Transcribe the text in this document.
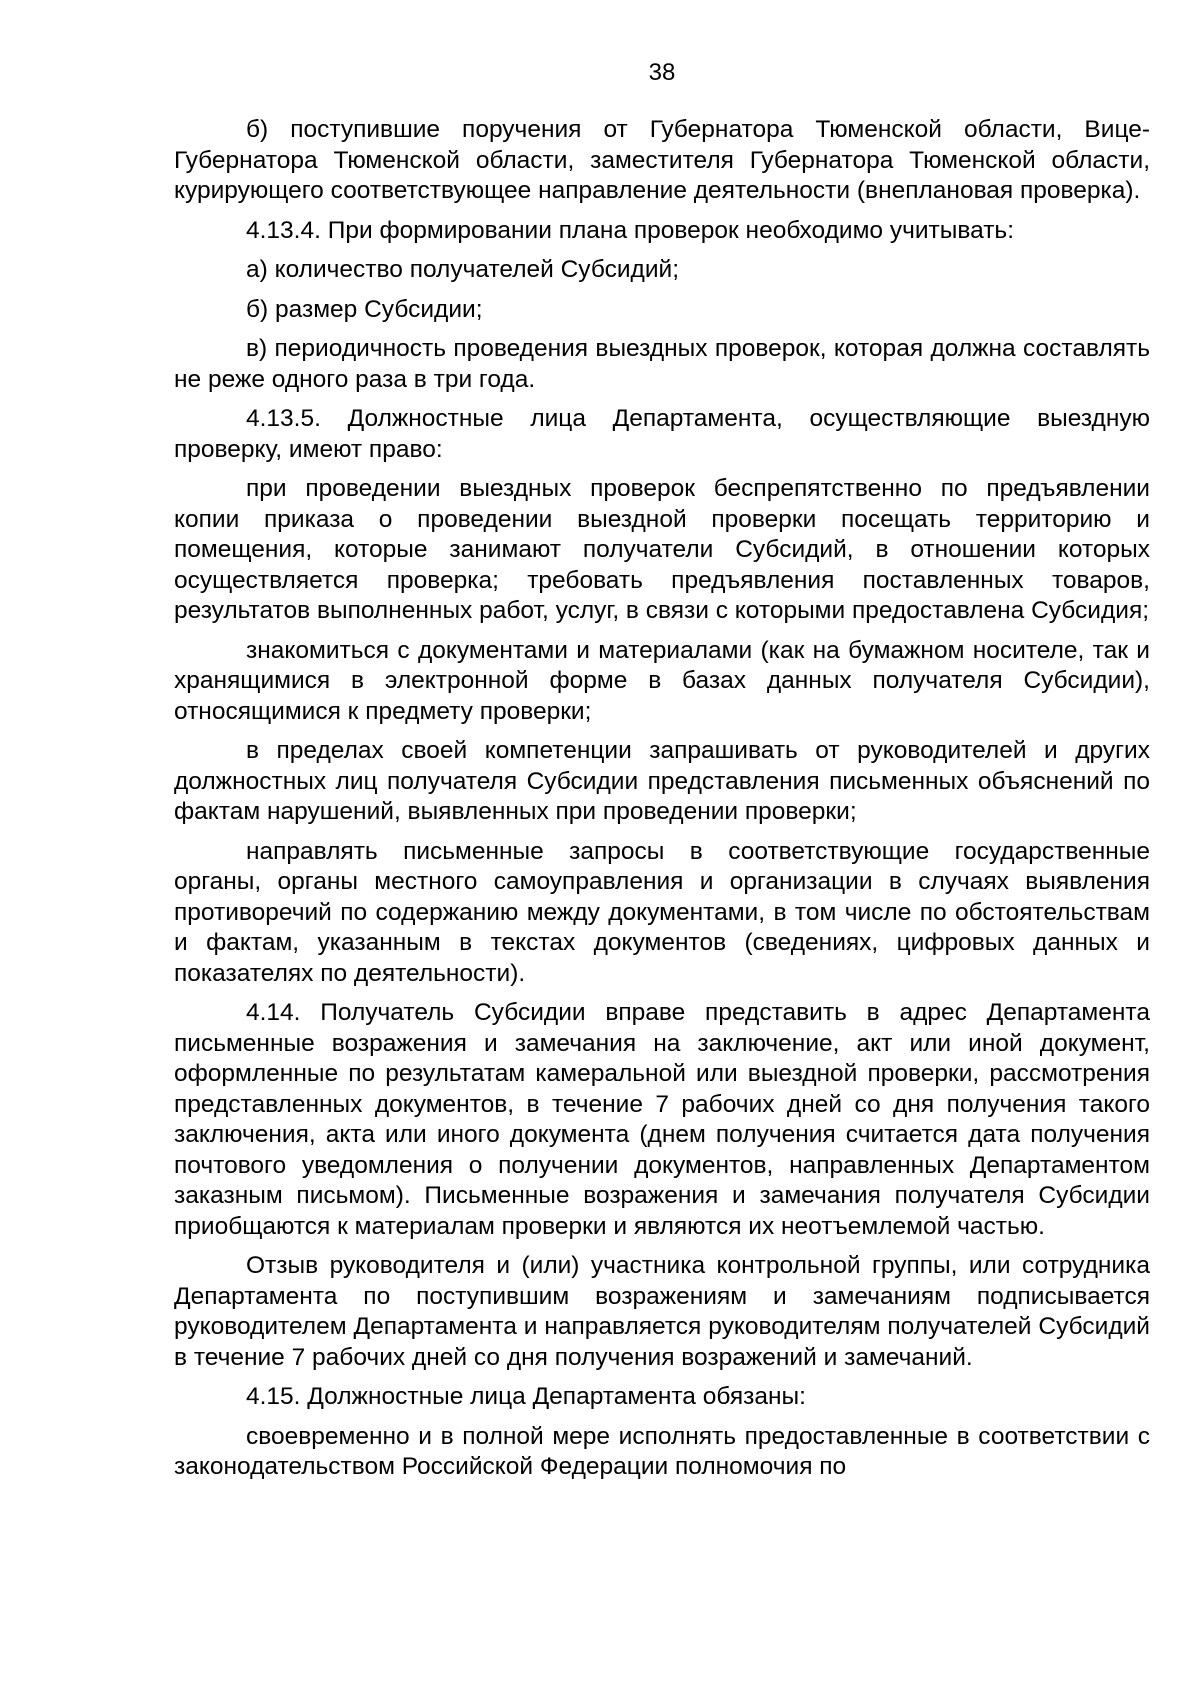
38

б) поступившие поручения от Губернатора Тюменской области, Вице-Губернатора Тюменской области, заместителя Губернатора Тюменской области, курирующего соответствующее направление деятельности (внеплановая проверка).

4.13.4. При формировании плана проверок необходимо учитывать:

а) количество получателей Субсидий;

б) размер Субсидии;

в) периодичность проведения выездных проверок, которая должна составлять не реже одного раза в три года.

4.13.5. Должностные лица Департамента, осуществляющие выездную проверку, имеют право:

при проведении выездных проверок беспрепятственно по предъявлении копии приказа о проведении выездной проверки посещать территорию и помещения, которые занимают получатели Субсидий, в отношении которых осуществляется проверка; требовать предъявления поставленных товаров, результатов выполненных работ, услуг, в связи с которыми предоставлена Субсидия;

знакомиться с документами и материалами (как на бумажном носителе, так и хранящимися в электронной форме в базах данных получателя Субсидии), относящимися к предмету проверки;

в пределах своей компетенции запрашивать от руководителей и других должностных лиц получателя Субсидии представления письменных объяснений по фактам нарушений, выявленных при проведении проверки;

направлять письменные запросы в соответствующие государственные органы, органы местного самоуправления и организации в случаях выявления противоречий по содержанию между документами, в том числе по обстоятельствам и фактам, указанным в текстах документов (сведениях, цифровых данных и показателях по деятельности).

4.14. Получатель Субсидии вправе представить в адрес Департамента письменные возражения и замечания на заключение, акт или иной документ, оформленные по результатам камеральной или выездной проверки, рассмотрения представленных документов, в течение 7 рабочих дней со дня получения такого заключения, акта или иного документа (днем получения считается дата получения почтового уведомления о получении документов, направленных Департаментом заказным письмом). Письменные возражения и замечания получателя Субсидии приобщаются к материалам проверки и являются их неотъемлемой частью.

Отзыв руководителя и (или) участника контрольной группы, или сотрудника Департамента по поступившим возражениям и замечаниям подписывается руководителем Департамента и направляется руководителям получателей Субсидий в течение 7 рабочих дней со дня получения возражений и замечаний.

4.15. Должностные лица Департамента обязаны:

своевременно и в полной мере исполнять предоставленные в соответствии с законодательством Российской Федерации полномочия по
